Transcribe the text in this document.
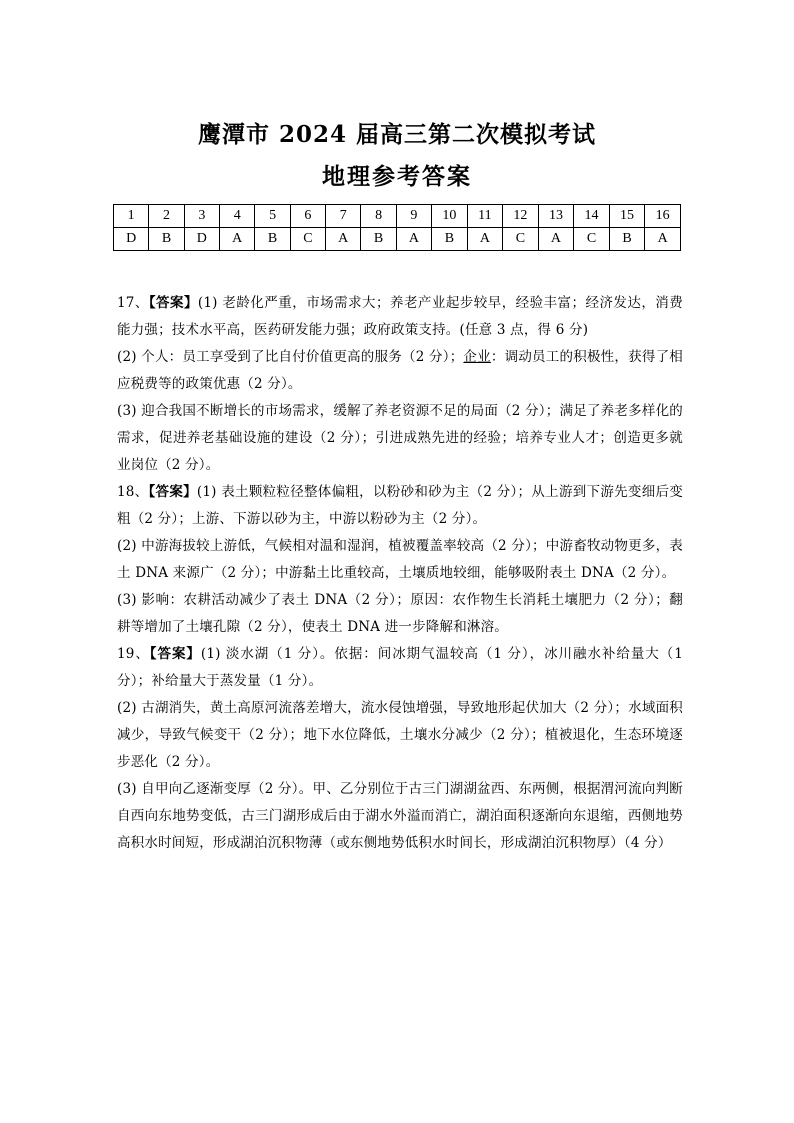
鹰潭市 2024 届高三第二次模拟考试
地理参考答案
1	2	3	4	5	6	7	8	9	10	11	12	13	14	15	16
D	B	D	A	B	C	A	B	A	B	A	C	A	C	B	A

17、【答案】(1) 老龄化严重，市场需求大；养老产业起步较早，经验丰富；经济发达，消费能力强；技术水平高，医药研发能力强；政府政策支持。(任意 3 点，得 6 分)

(2) 个人：员工享受到了比自付价值更高的服务（2 分）；企业：调动员工的积极性，获得了相应税费等的政策优惠（2 分）。

(3) 迎合我国不断增长的市场需求，缓解了养老资源不足的局面（2 分）；满足了养老多样化的需求，促进养老基础设施的建设（2 分）；引进成熟先进的经验；培养专业人才；创造更多就业岗位（2 分）。

18、【答案】(1) 表土颗粒粒径整体偏粗，以粉砂和砂为主（2 分）；从上游到下游先变细后变粗（2 分）；上游、下游以砂为主，中游以粉砂为主（2 分）。

(2) 中游海拔较上游低，气候相对温和湿润，植被覆盖率较高（2 分）；中游畜牧动物更多，表土 DNA 来源广（2 分）；中游黏土比重较高，土壤质地较细，能够吸附表土 DNA（2 分）。

(3) 影响：农耕活动减少了表土 DNA（2 分）；原因：农作物生长消耗土壤肥力（2 分）；翻耕等增加了土壤孔隙（2 分），使表土 DNA 进一步降解和淋溶。

19、【答案】(1) 淡水湖（1 分）。依据：间冰期气温较高（1 分），冰川融水补给量大（1 分）；补给量大于蒸发量（1 分）。

(2) 古湖消失，黄土高原河流落差增大，流水侵蚀增强，导致地形起伏加大（2 分）；水域面积减少，导致气候变干（2 分）；地下水位降低，土壤水分减少（2 分）；植被退化，生态环境逐步恶化（2 分）。

(3) 自甲向乙逐渐变厚（2 分）。甲、乙分别位于古三门湖湖盆西、东两侧，根据渭河流向判断自西向东地势变低，古三门湖形成后由于湖水外溢而消亡，湖泊面积逐渐向东退缩，西侧地势高积水时间短，形成湖泊沉积物薄（或东侧地势低积水时间长，形成湖泊沉积物厚）（4 分）
